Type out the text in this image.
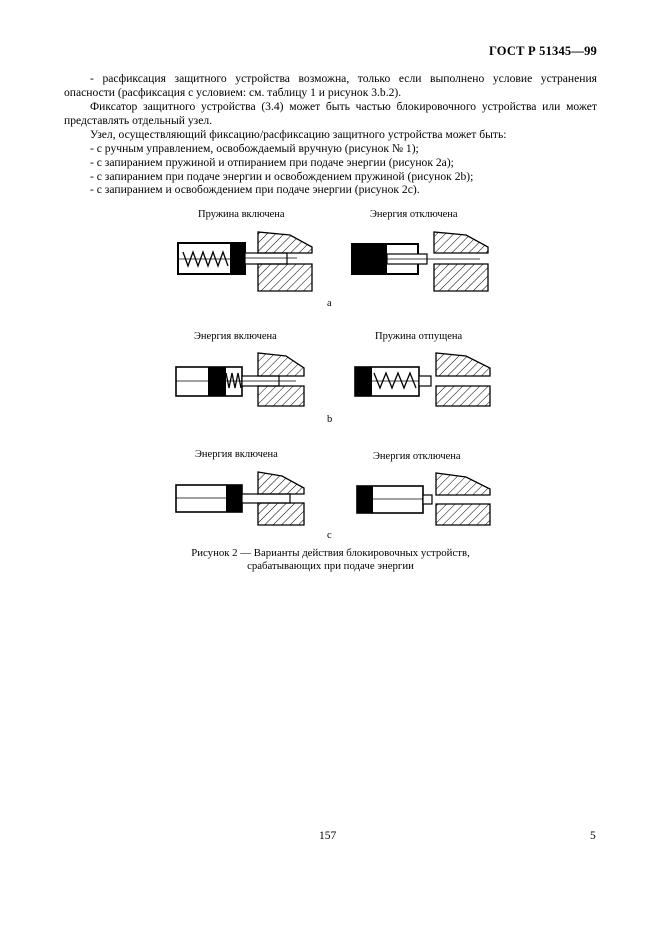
ГОСТ Р 51345—99

- расфиксация защитного устройства возможна, только если выполнено условие устранения опасности (расфиксация с условием: см. таблицу 1 и рисунок 3.b.2).

Фиксатор защитного устройства (3.4) может быть частью блокировочного устройства или может представлять отдельный узел.

Узел, осуществляющий фиксацию/расфиксацию защитного устройства может быть:

- с ручным управлением, освобождаемый вручную (рисунок № 1);

- с запиранием пружиной и отпиранием при подаче энергии (рисунок 2а);

- с запиранием при подаче энергии и освобождением пружиной (рисунок 2b);

- с запиранием и освобождением при подаче энергии (рисунок 2с).

Пружина включена	Энергия отключена
Энергия включена	Пружина отпущена
Энергия включена	Энергия отключена
a
b
c
Рисунок 2 — Варианты действия блокировочных устройств,
срабатывающих при подаче энергии
157	5
